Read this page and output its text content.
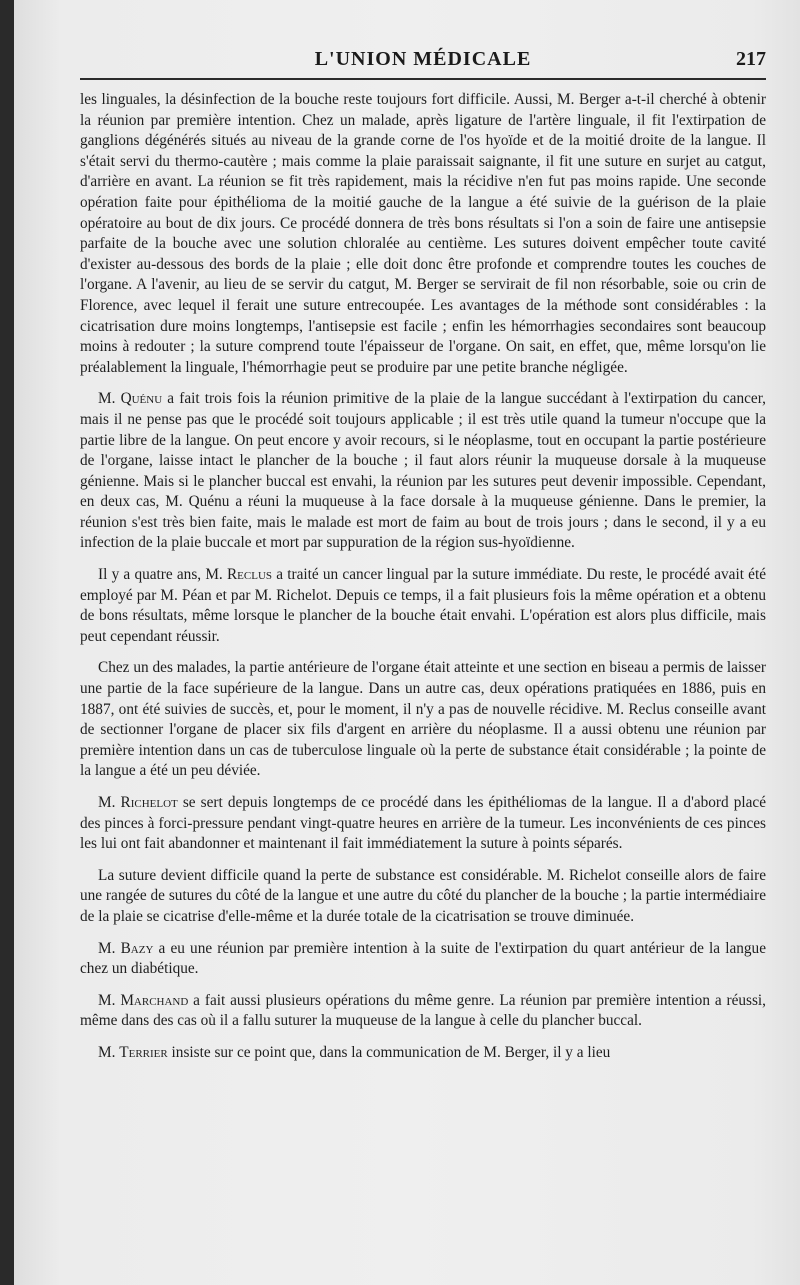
L'UNION MÉDICALE	217

les linguales, la désinfection de la bouche reste toujours fort difficile. Aussi, M. Berger a-t-il cherché à obtenir la réunion par première intention. Chez un malade, après ligature de l'artère linguale, il fit l'extirpation de ganglions dégénérés situés au niveau de la grande corne de l'os hyoïde et de la moitié droite de la langue. Il s'était servi du thermo-cautère ; mais comme la plaie paraissait saignante, il fit une suture en surjet au catgut, d'arrière en avant. La réunion se fit très rapidement, mais la récidive n'en fut pas moins rapide. Une seconde opération faite pour épithélioma de la moitié gauche de la langue a été suivie de la guérison de la plaie opératoire au bout de dix jours. Ce procédé donnera de très bons résultats si l'on a soin de faire une antisepsie parfaite de la bouche avec une solution chloralée au centième. Les sutures doivent empêcher toute cavité d'exister au-dessous des bords de la plaie ; elle doit donc être profonde et comprendre toutes les couches de l'organe. A l'avenir, au lieu de se servir du catgut, M. Berger se servirait de fil non résorbable, soie ou crin de Florence, avec lequel il ferait une suture entrecoupée. Les avantages de la méthode sont considérables : la cicatrisation dure moins longtemps, l'antisepsie est facile ; enfin les hémorrhagies secondaires sont beaucoup moins à redouter ; la suture comprend toute l'épaisseur de l'organe. On sait, en effet, que, même lorsqu'on lie préalablement la linguale, l'hémorrhagie peut se produire par une petite branche négligée.

M. Quénu a fait trois fois la réunion primitive de la plaie de la langue succédant à l'extirpation du cancer, mais il ne pense pas que le procédé soit toujours applicable ; il est très utile quand la tumeur n'occupe que la partie libre de la langue. On peut encore y avoir recours, si le néoplasme, tout en occupant la partie postérieure de l'organe, laisse intact le plancher de la bouche ; il faut alors réunir la muqueuse dorsale à la muqueuse génienne. Mais si le plancher buccal est envahi, la réunion par les sutures peut devenir impossible. Cependant, en deux cas, M. Quénu a réuni la muqueuse à la face dorsale à la muqueuse génienne. Dans le premier, la réunion s'est très bien faite, mais le malade est mort de faim au bout de trois jours ; dans le second, il y a eu infection de la plaie buccale et mort par suppuration de la région sus-hyoïdienne.

Il y a quatre ans, M. Reclus a traité un cancer lingual par la suture immédiate. Du reste, le procédé avait été employé par M. Péan et par M. Richelot. Depuis ce temps, il a fait plusieurs fois la même opération et a obtenu de bons résultats, même lorsque le plancher de la bouche était envahi. L'opération est alors plus difficile, mais peut cependant réussir.

Chez un des malades, la partie antérieure de l'organe était atteinte et une section en biseau a permis de laisser une partie de la face supérieure de la langue. Dans un autre cas, deux opérations pratiquées en 1886, puis en 1887, ont été suivies de succès, et, pour le moment, il n'y a pas de nouvelle récidive. M. Reclus conseille avant de sectionner l'organe de placer six fils d'argent en arrière du néoplasme. Il a aussi obtenu une réunion par première intention dans un cas de tuberculose linguale où la perte de substance était considérable ; la pointe de la langue a été un peu déviée.

M. Richelot se sert depuis longtemps de ce procédé dans les épithéliomas de la langue. Il a d'abord placé des pinces à forci-pressure pendant vingt-quatre heures en arrière de la tumeur. Les inconvénients de ces pinces les lui ont fait abandonner et maintenant il fait immédiatement la suture à points séparés.

La suture devient difficile quand la perte de substance est considérable. M. Richelot conseille alors de faire une rangée de sutures du côté de la langue et une autre du côté du plancher de la bouche ; la partie intermédiaire de la plaie se cicatrise d'elle-même et la durée totale de la cicatrisation se trouve diminuée.

M. Bazy a eu une réunion par première intention à la suite de l'extirpation du quart antérieur de la langue chez un diabétique.

M. Marchand a fait aussi plusieurs opérations du même genre. La réunion par première intention a réussi, même dans des cas où il a fallu suturer la muqueuse de la langue à celle du plancher buccal.

M. Terrier insiste sur ce point que, dans la communication de M. Berger, il y a lieu
